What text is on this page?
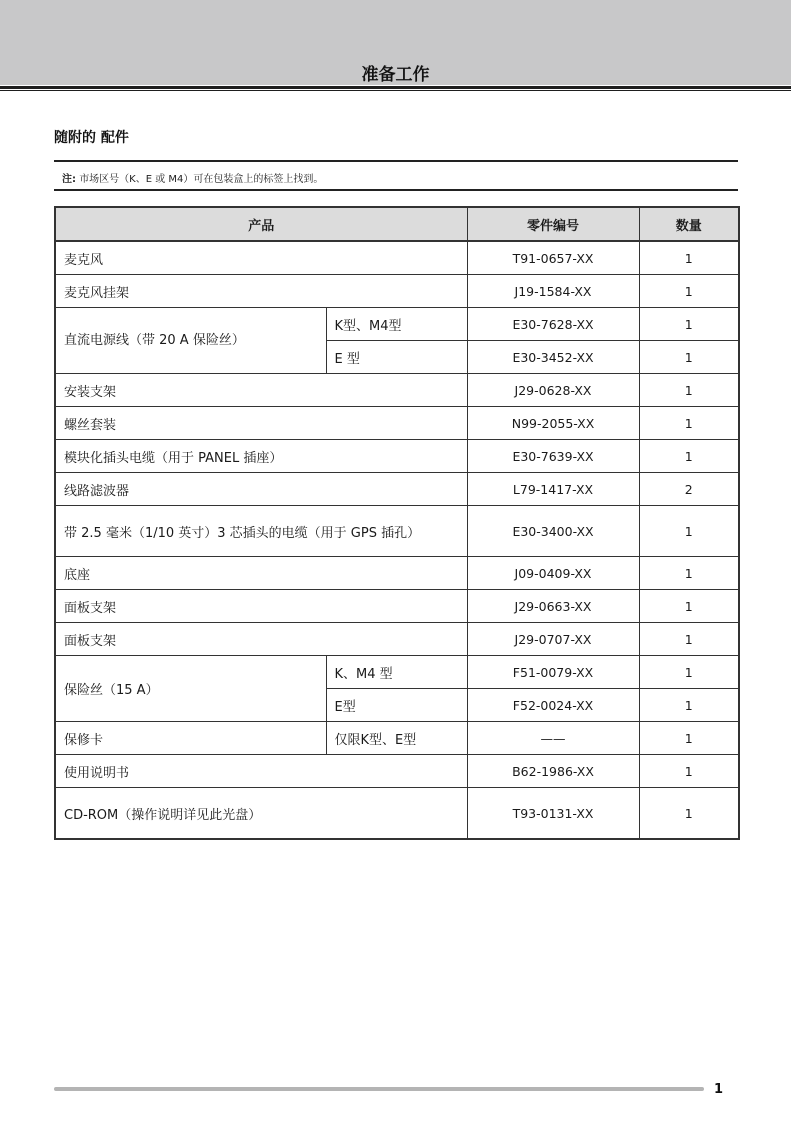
准备工作
随附的 配件
注: 市场区号（K、E 或 M4）可在包装盒上的标签上找到。
产品		零件编号	数量
麦克风		T91-0657-XX	1
麦克风挂架		J19-1584-XX	1
直流电源线（带 20 A 保险丝）	K型、M4型	E30-7628-XX	1
	E 型	E30-3452-XX	1
安装支架		J29-0628-XX	1
螺丝套装		N99-2055-XX	1
模块化插头电缆（用于 PANEL 插座）		E30-7639-XX	1
线路滤波器		L79-1417-XX	2
带 2.5 毫米（1/10 英寸）3 芯插头的电缆（用于 GPS 插孔）		E30-3400-XX	1
底座		J09-0409-XX	1
面板支架		J29-0663-XX	1
面板支架		J29-0707-XX	1
保险丝（15 A）	K、M4 型	F51-0079-XX	1
	E型	F52-0024-XX	1
保修卡	仅限K型、E型	——	1
使用说明书		B62-1986-XX	1
CD-ROM（操作说明详见此光盘）		T93-0131-XX	1
1
